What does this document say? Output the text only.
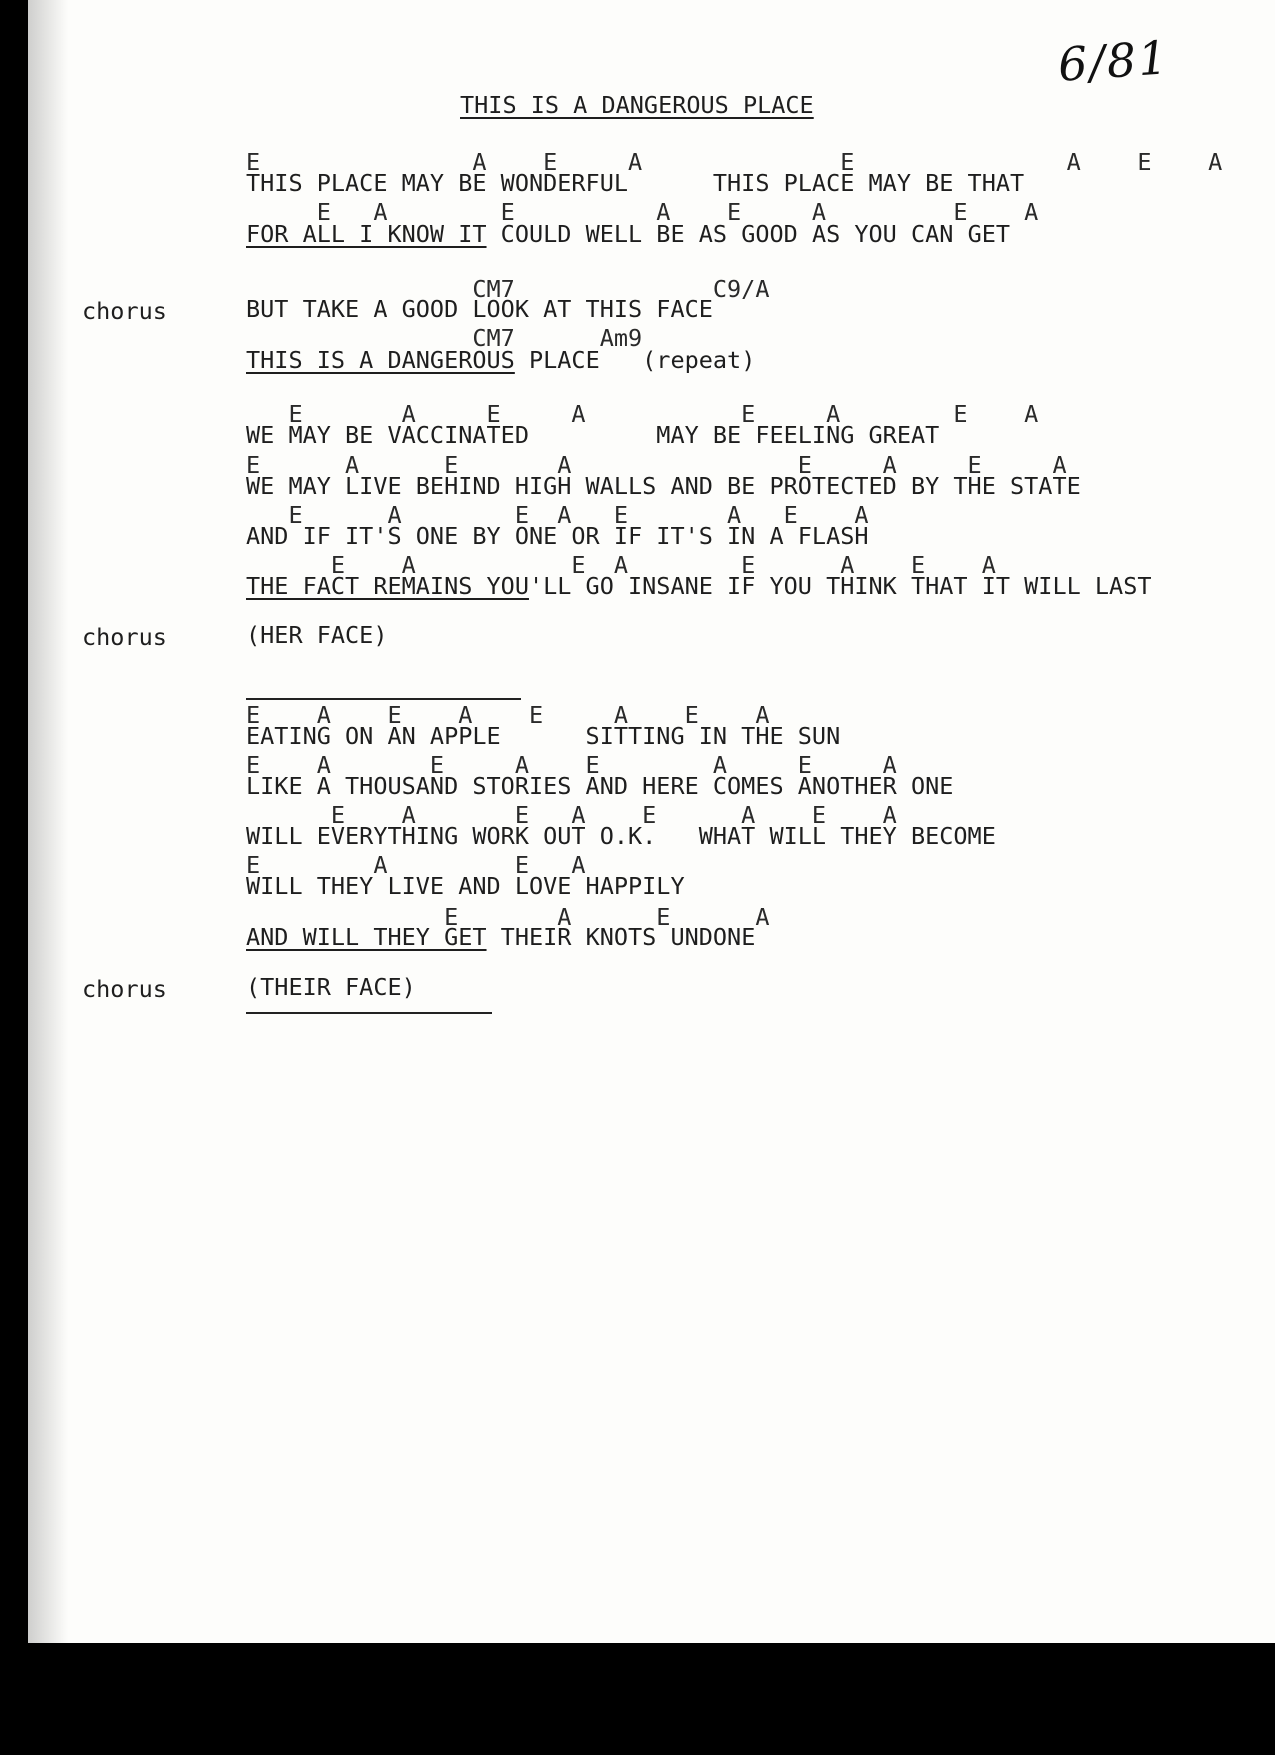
6/81
THIS IS A DANGEROUS PLACE
E               A    E     A              E               A    E    A
THIS PLACE MAY BE WONDERFUL      THIS PLACE MAY BE THAT
E   A        E          A    E     A         E    A
FOR ALL I KNOW IT COULD WELL BE AS GOOD AS YOU CAN GET
chorus
CM7              C9/A
BUT TAKE A GOOD LOOK AT THIS FACE
CM7      Am9
THIS IS A DANGEROUS PLACE   (repeat)
E       A     E     A           E     A        E    A
WE MAY BE VACCINATED         MAY BE FEELING GREAT
E      A      E       A                E     A     E     A
WE MAY LIVE BEHIND HIGH WALLS AND BE PROTECTED BY THE STATE
E      A        E  A   E       A   E    A
AND IF IT'S ONE BY ONE OR IF IT'S IN A FLASH
E    A           E  A        E      A    E    A
THE FACT REMAINS YOU'LL GO INSANE IF YOU THINK THAT IT WILL LAST
chorus	(HER FACE)
E    A    E    A    E     A    E    A
EATING ON AN APPLE      SITTING IN THE SUN
E    A       E     A    E        A     E     A
LIKE A THOUSAND STORIES AND HERE COMES ANOTHER ONE
E    A       E   A    E      A    E    A
WILL EVERYTHING WORK OUT O.K.   WHAT WILL THEY BECOME
E        A         E   A
WILL THEY LIVE AND LOVE HAPPILY
E       A      E      A
AND WILL THEY GET THEIR KNOTS UNDONE
chorus	(THEIR FACE)
